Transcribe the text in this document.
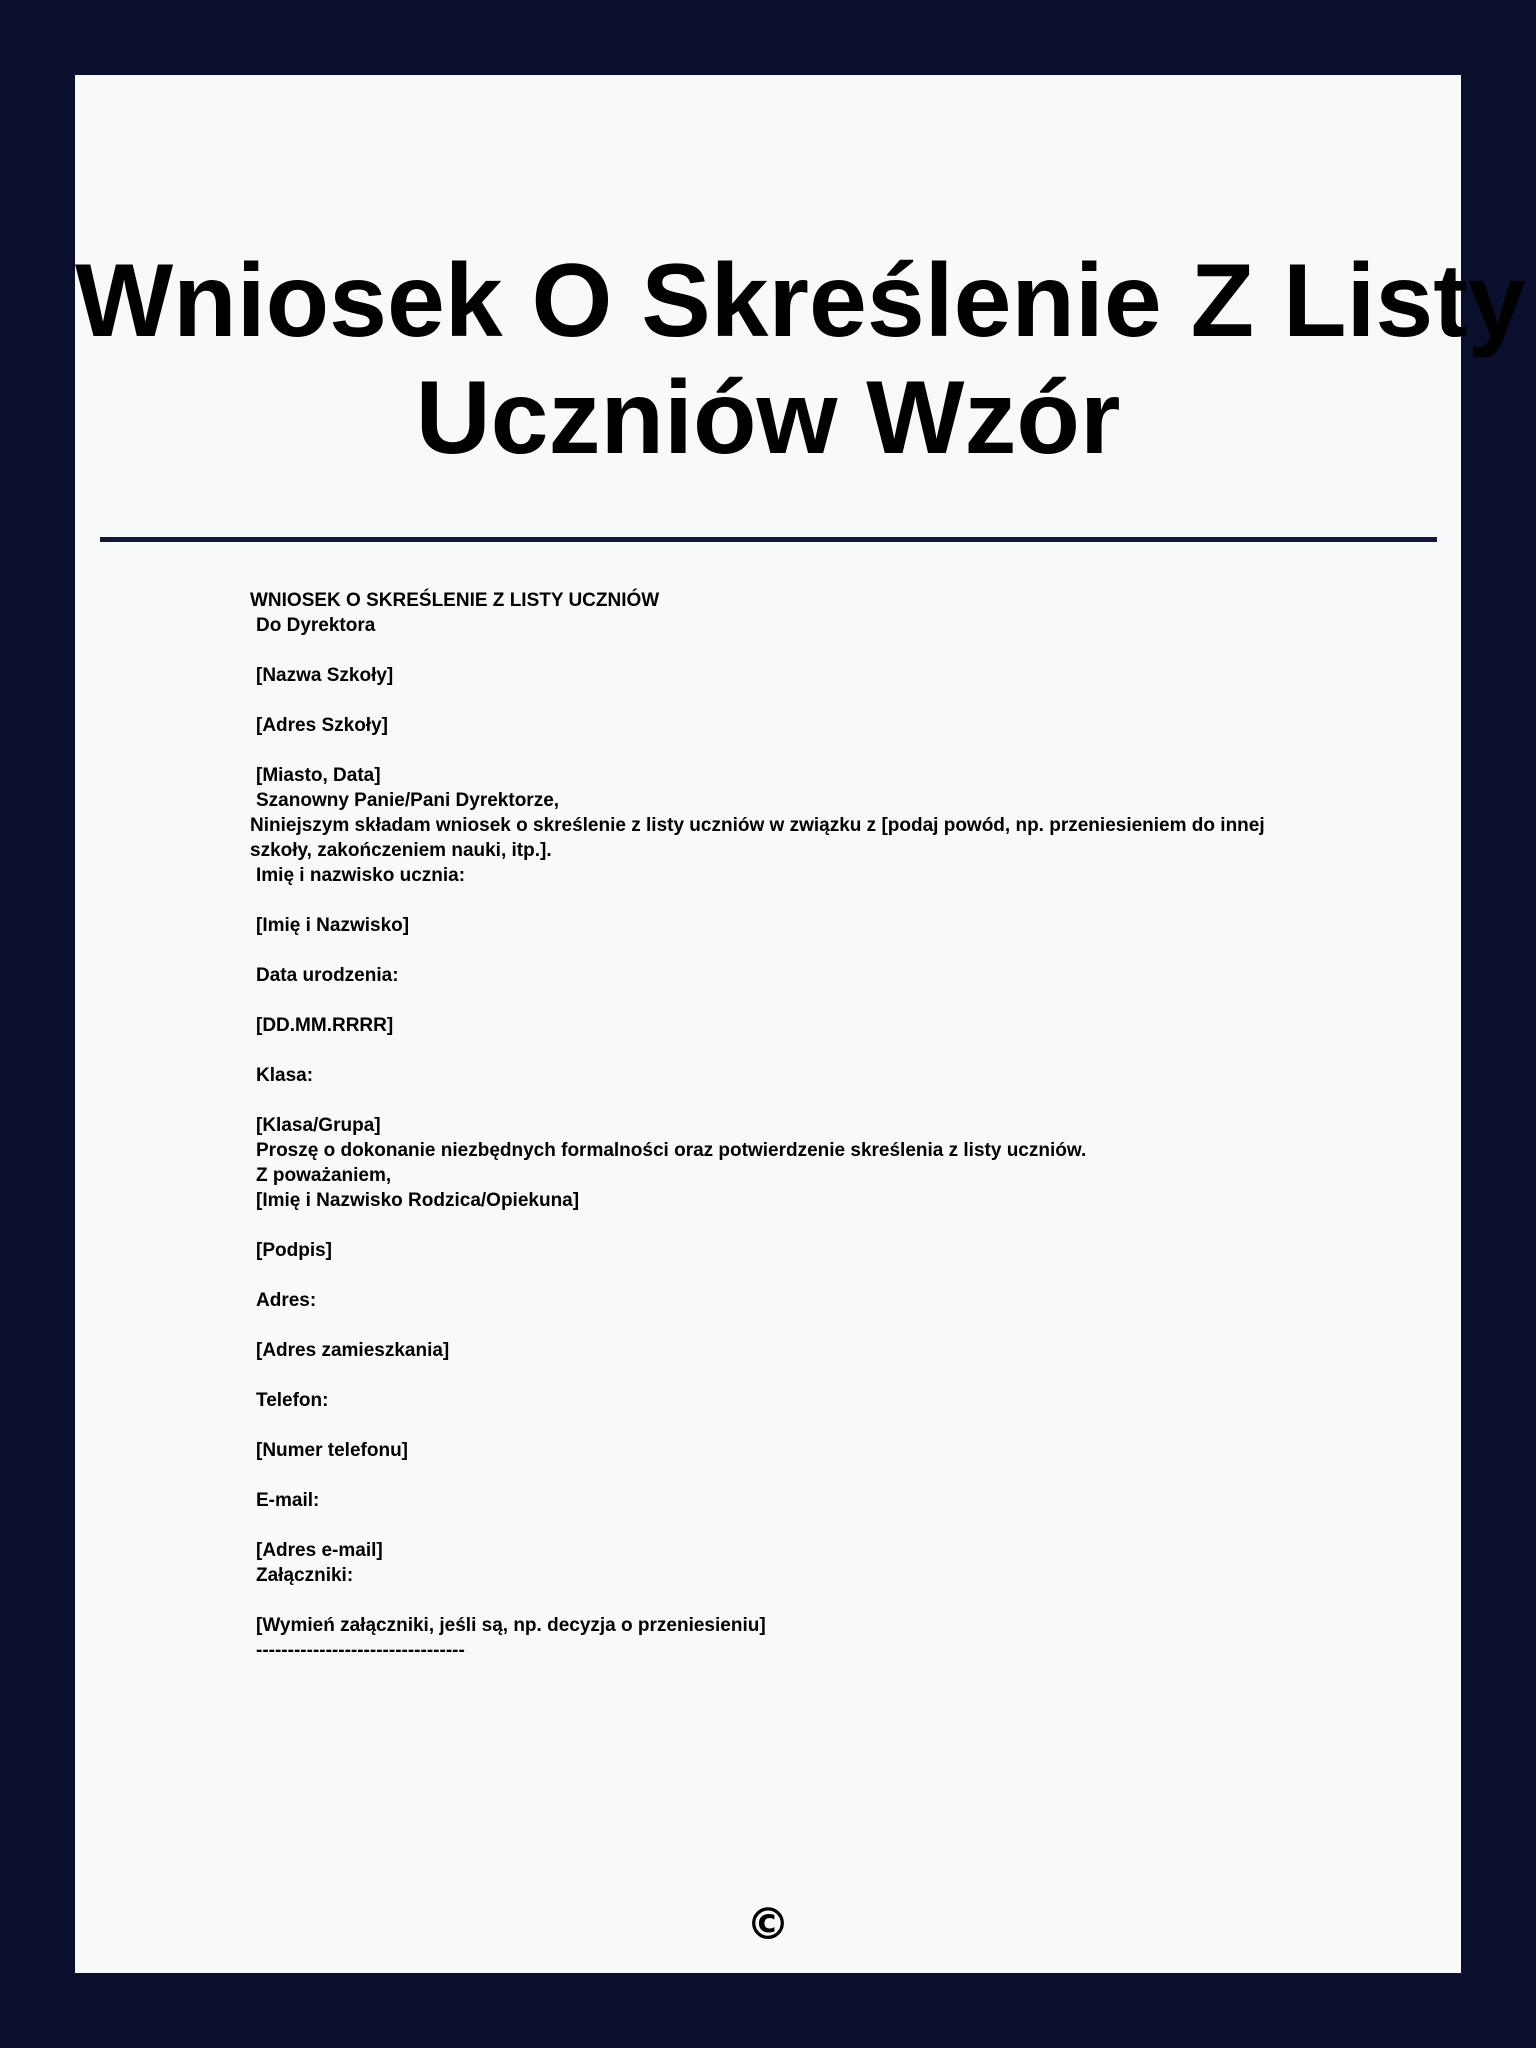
Wniosek O Skreślenie Z Listy
Uczniów Wzór
WNIOSEK O SKREŚLENIE Z LISTY UCZNIÓW
Do Dyrektora
[Nazwa Szkoły]
[Adres Szkoły]
[Miasto, Data]
Szanowny Panie/Pani Dyrektorze,
Niniejszym składam wniosek o skreślenie z listy uczniów w związku z [podaj powód, np. przeniesieniem do innej szkoły, zakończeniem nauki, itp.].
Imię i nazwisko ucznia:
[Imię i Nazwisko]
Data urodzenia:
[DD.MM.RRRR]
Klasa:
[Klasa/Grupa]
Proszę o dokonanie niezbędnych formalności oraz potwierdzenie skreślenia z listy uczniów.
Z poważaniem,
[Imię i Nazwisko Rodzica/Opiekuna]
[Podpis]
Adres:
[Adres zamieszkania]
Telefon:
[Numer telefonu]
E-mail:
[Adres e-mail]
Załączniki:
[Wymień załączniki, jeśli są, np. decyzja o przeniesieniu]
---------------------------------
©
